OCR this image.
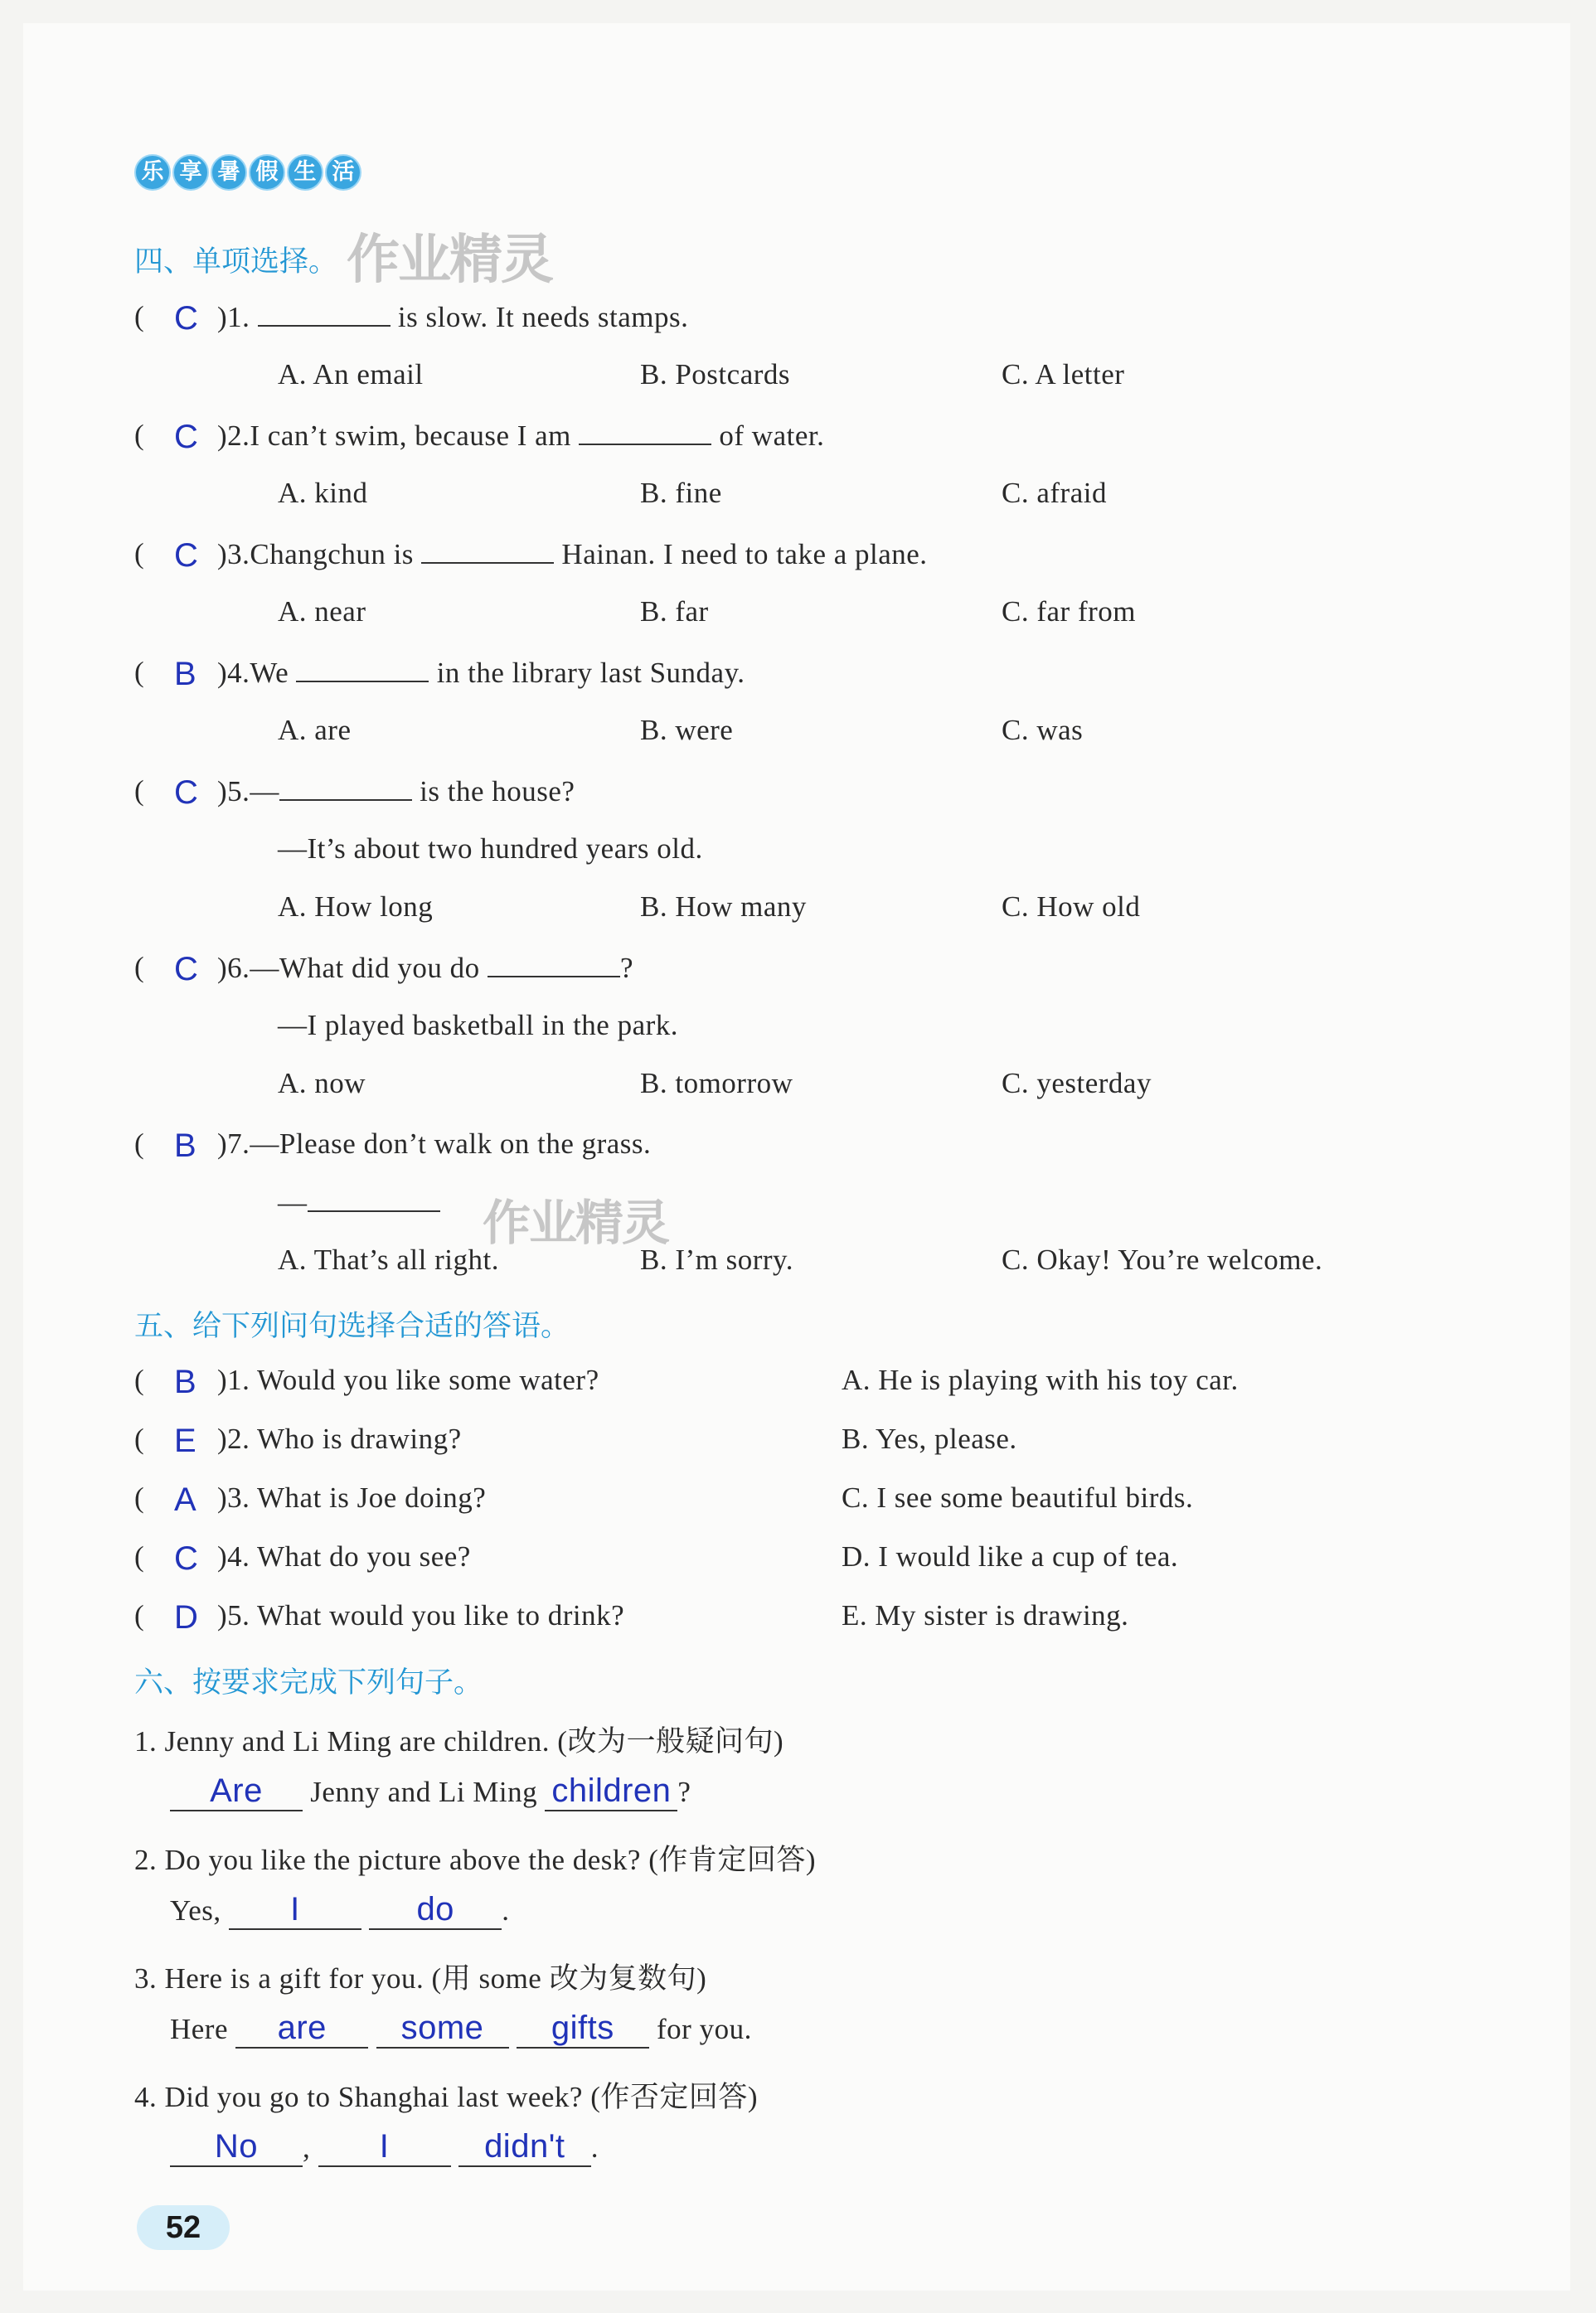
乐 享 暑 假 生 活
四、单项选择。 作业精灵
( C )1.	is slow. It needs stamps.
A. An email	B. Postcards	C. A letter
( C )2.I can’t swim, because I am	of water.
A. kind	B. fine	C. afraid
( C )3.Changchun is	Hainan. I need to take a plane.
A. near	B. far	C. far from
( B )4.We	in the library last Sunday.
A. are	B. were	C. was
( C )5.—	is the house?
—It’s about two hundred years old.
A. How long	B. How many	C. How old
( C )6.—What did you do	?
—I played basketball in the park.
A. now	B. tomorrow	C. yesterday
( B )7.—Please don’t walk on the grass.
—	作业精灵
A. That’s all right.	B. I’m sorry.	C. Okay! You’re welcome.
五、给下列问句选择合适的答语。
( B )1. Would you like some water?	A. He is playing with his toy car.
( E )2. Who is drawing?	B. Yes, please.
( A )3. What is Joe doing?	C. I see some beautiful birds.
( C )4. What do you see?	D. I would like a cup of tea.
( D )5. What would you like to drink?	E. My sister is drawing.
六、按要求完成下列句子。
1. Jenny and Li Ming are children. (改为一般疑问句)
Are Jenny and Li Ming children ?
2. Do you like the picture above the desk? (作肯定回答)
Yes, I	do .
3. Here is a gift for you. (用 some 改为复数句)
Here are some gifts for you.
4. Did you go to Shanghai last week? (作否定回答)
No , I	didn't .
52
